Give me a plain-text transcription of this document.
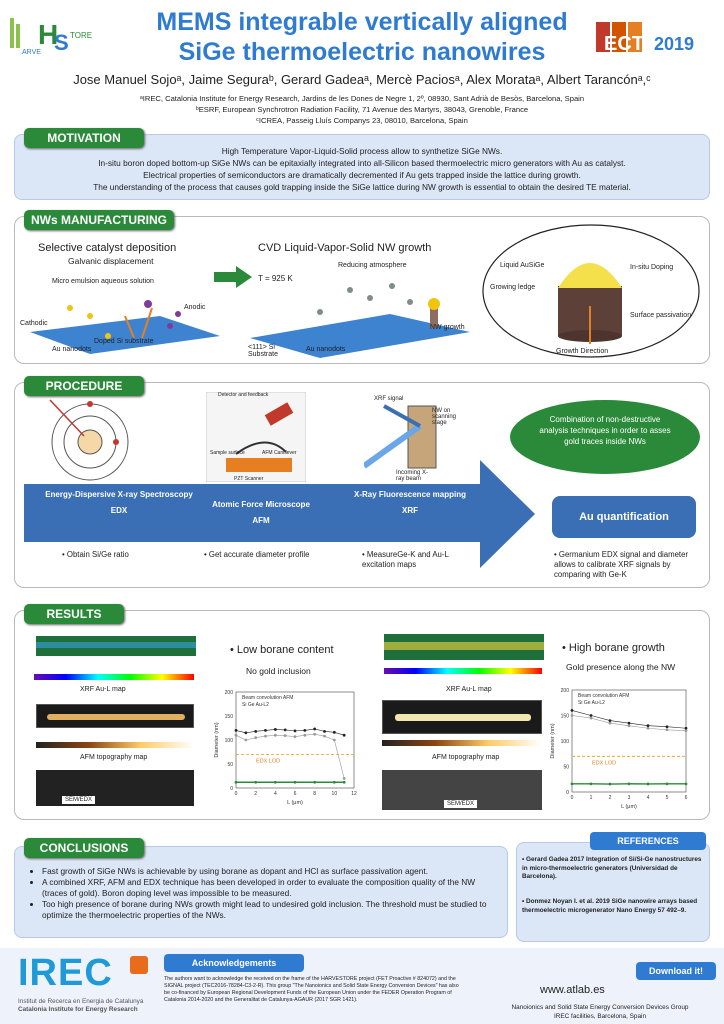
H
S TORE
ARVE
MEMS integrable vertically aligned
SiGe thermoelectric nanowires	ECT 2019
Jose Manuel Sojoᵃ, Jaime Seguraᵇ, Gerard Gadeaᵃ, Mercè Paciosᵃ, Alex Morataᵃ, Albert Tarancónᵃ,ᶜ
ᵃIREC, Catalonia Institute for Energy Research, Jardins de les Dones de Negre 1, 2º, 08930, Sant Adrià de Besòs, Barcelona, Spain
ᵇESRF, European Synchrotron Radiation Facility, 71 Avenue des Martyrs, 38043, Grenoble, France
ᶜICREA, Passeig Lluís Companys 23, 08010, Barcelona, Spain
MOTIVATION
High Temperature Vapor-Liquid-Solid process allow to synthetize SiGe NWs.
In-situ boron doped bottom-up SiGe NWs can be epitaxially integrated into all-Silicon based thermoelectric micro generators with Au as catalyst.
Electrical properties of semiconductors are dramatically decremented if Au gets trapped inside the lattice during growth.
The understanding of the process that causes gold trapping inside the SiGe lattice during NW growth is essential to obtain the desired TE material.
NWs MANUFACTURING
Selective catalyst deposition
Galvanic displacement
Micro emulsion aqueous solution
Cathodic
Anodic
Au nanodots
Doped Si substrate
CVD Liquid-Vapor-Solid NW growth
T = 925 K
Reducing atmosphere
<111> Si Substrate
Au nanodots
NW growth
Liquid AuSiGe
Growing ledge
In-situ Doping
Surface passivation
Growth Direction
PROCEDURE
Detector and feedback
Sample surface	AFM Cantilever
PZT Scanner
XRF signal
NW on scanning stage
Incoming X-ray beam
Energy-Dispersive X-ray Spectroscopy
EDX
Atomic Force Microscope
AFM
X-Ray Fluorescence mapping
XRF
• Obtain Si/Ge ratio	• Get accurate diameter profile	• MeasureGe-K and Au-L excitation maps
Combination of non-destructive analysis techniques in order to asses gold traces inside NWs
Au quantification
• Germanium EDX signal and diameter allows to calibrate XRF signals by comparing with Ge-K
RESULTS
XRF Au-L map
AFM topography map
SEM/EDX
• Low borane content
No gold inclusion
0
50
100
150
200
0	2	4	6	8	10	12
L (μm)
Diameter (nm)
EDX LOD
Beam convolution AFM
Si Ge Au-L2
XRF Au-L map
AFM topography map
SEM/EDX
• High borane growth
Gold presence along the NW
0
50
100
150
200
0	1	2	3	4	5	6
L (μm)
Diameter (nm)
EDX LOD
Beam convolution AFM
Si Ge Au-L2
CONCLUSIONS
• Fast growth of SiGe NWs is achievable by using borane as dopant and HCl as surface passivation agent.
• A combined XRF, AFM and EDX technique has been developed in order to evaluate the composition quality of the NW (traces of gold). Boron doping level was impossible to be measured.
• Too high presence of borane during NWs growth might lead to undesired gold inclusion. The threshold must be studied to optimize the thermoelectric properties of the NWs.
REFERENCES
• Gerard Gadea 2017 Integration of Si/Si-Ge nanostructures in micro-thermoelectric generators (Universidad de Barcelona).
• Donmez Noyan I. et al. 2019 SiGe nanowire arrays based thermoelectric microgenerator Nano Energy 57 492–9.
IREC
Institut de Recerca en Energia de Catalunya
Catalonia Institute for Energy Research
Acknowledgements
The authors want to acknowledge the received on the frame of the HARVESTORE project (FET Proactive # 824072) and the SIGNAL project (TEC2016-78284-C3-2-R). This group "The Nanoionics and Solid State Energy Conversion Devices" has also be co-financed by European Regional Development Funds of the European Union under the FEDER Operation Program of Catalonia 2014-2020 and the Generalitat de Catalunya-AGAUR (2017 SGR 1421).
Download it!
www.atlab.es
Nanoionics and Solid State Energy Conversion Devices Group
IREC facilities, Barcelona, Spain
